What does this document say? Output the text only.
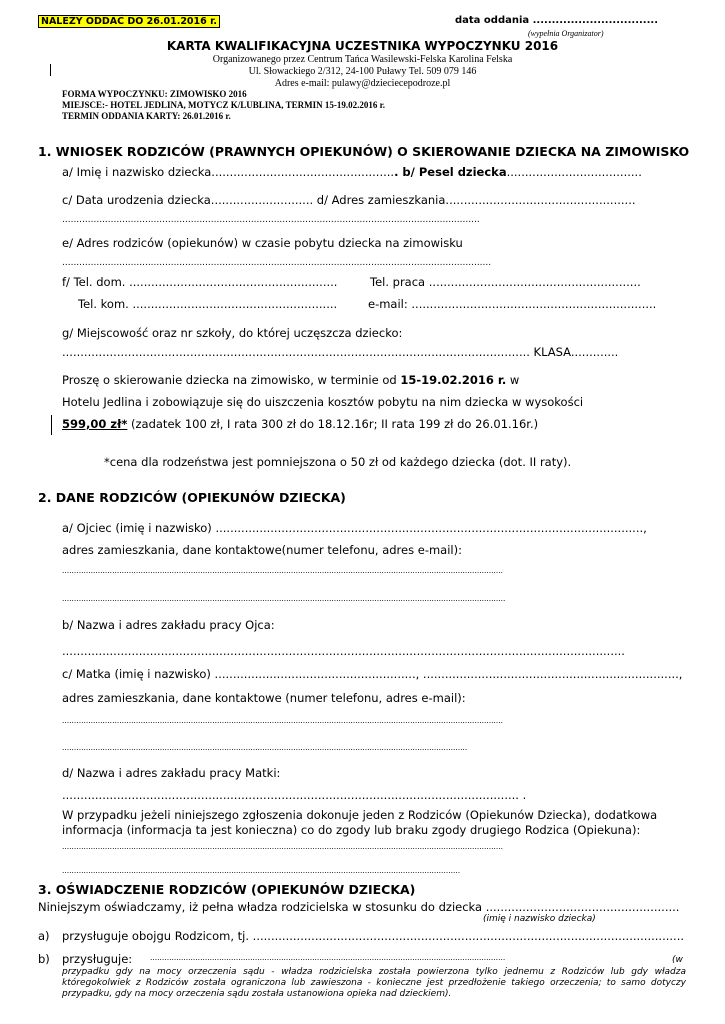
NALEŻY ODDAĆ DO 26.01.2016 r.	data oddania .................................
(wypełnia Organizator)
KARTA KWALIFIKACYJNA UCZESTNIKA WYPOCZYNKU 2016
Organizowanego przez Centrum Tańca Wasilewski-Felska Karolina Felska
Ul. Słowackiego 2/312, 24-100 Puławy Tel. 509 079 146
Adres e-mail: pulawy@dzieciecepodroze.pl
FORMA WYPOCZYNKU: ZIMOWISKO 2016
MIEJSCE:- HOTEL JEDLINA, MOTYCZ K/LUBLINA, TERMIN 15-19.02.2016 r.
TERMIN ODDANIA KARTY: 26.01.2016 r.
1. WNIOSEK RODZICÓW (PRAWNYCH OPIEKUNÓW) O SKIEROWANIE DZIECKA NA ZIMOWISKO
a/ Imię i nazwisko dziecka................................................... b/ Pesel dziecka.....................................
c/ Data urodzenia dziecka............................ d/ Adres zamieszkania....................................................
..................................................................................................................................................
e/ Adres rodziców (opiekunów) w czasie pobytu dziecka na zimowisku
......................................................................................................................................................
f/ Tel. dom. .........................................................	Tel. praca ..........................................................
Tel. kom. ........................................................	e-mail: ...................................................................
g/ Miejscowość oraz nr szkoły, do której uczęszcza dziecko:
................................................................................................................................ KLASA.............
Proszę o skierowanie dziecka na zimowisko, w terminie od 15-19.02.2016 r. w
Hotelu Jedlina i zobowiązuje się do uiszczenia kosztów pobytu na nim dziecka w wysokości
599,00 zł* (zadatek 100 zł, I rata 300 zł do 18.12.16r; II rata 199 zł do 26.01.16r.)
*cena dla rodzeństwa jest pomniejszona o 50 zł od każdego dziecka (dot. II raty).
2. DANE RODZICÓW (OPIEKUNÓW DZIECKA)
a/ Ojciec (imię i nazwisko) .....................................................................................................................,
adres zamieszkania, dane kontaktowe(numer telefonu, adres e-mail):
.........................................................................................................................................................................................
..........................................................................................................................................................................................
b/ Nazwa i adres zakładu pracy Ojca:
..........................................................................................................................................................
c/ Matka (imię i nazwisko) ......................................................., ......................................................................,
adres zamieszkania, dane kontaktowe (numer telefonu, adres e-mail):
.........................................................................................................................................................................................
..........................................................................................................................................................................
d/ Nazwa i adres zakładu pracy Matki:
............................................................................................................................. .
W przypadku jeżeli niniejszego zgłoszenia dokonuje jeden z Rodziców (Opiekunów Dziecka), dodatkowa informacja (informacja ta jest konieczna) co do zgody lub braku zgody drugiego Rodzica (Opiekuna):
.........................................................................................................................................................................................
.......................................................................................................................................................................
3. OŚWIADCZENIE RODZICÓW (OPIEKUNÓW DZIECKA)
Niniejszym oświadczamy, iż pełna władza rodzicielska w stosunku do dziecka .....................................................
(imię i nazwisko dziecka)
a) przysługuje obojgu Rodzicom, tj. ......................................................................................................................
b) przysługuje: .....................................................................................................................................................	(w
przypadku gdy na mocy orzeczenia sądu - władza rodzicielska została powierzona tylko jednemu z Rodziców lub gdy władza któregokolwiek z Rodziców została ograniczona lub zawieszona - konieczne jest przedłożenie takiego orzeczenia; to samo dotyczy przypadku, gdy na mocy orzeczenia sądu została ustanowiona opieka nad dzieckiem).
